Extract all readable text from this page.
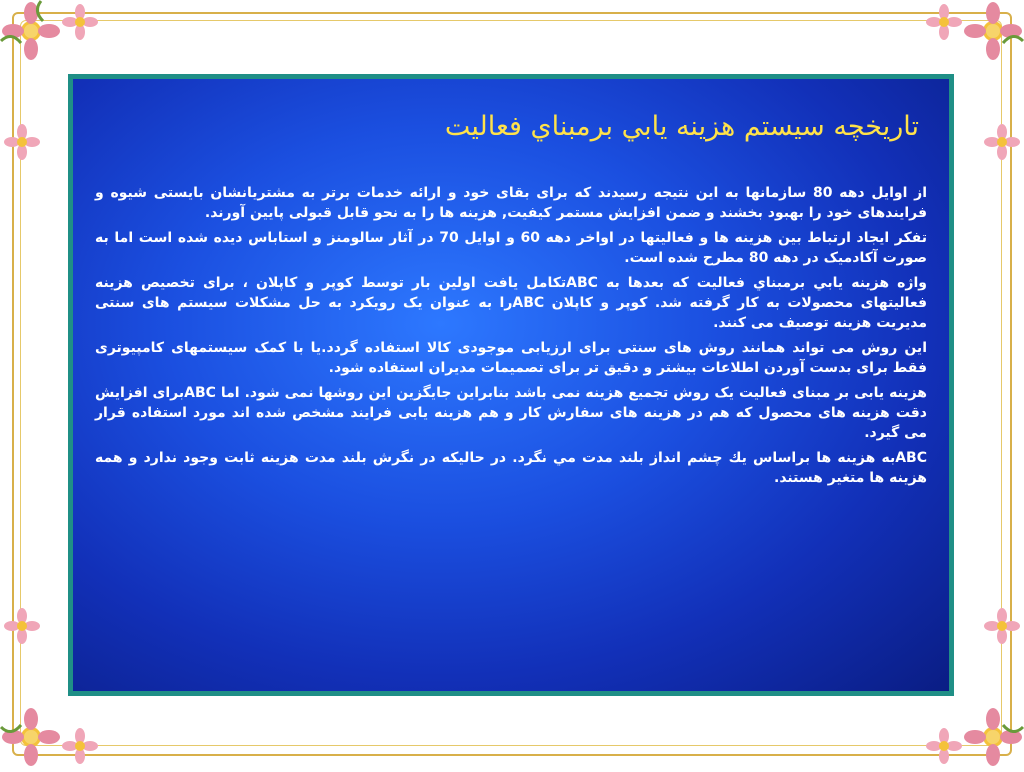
تاريخچه سيستم هزينه يابي برمبناي فعاليت

از اوایل دهه 80 سازمانها به این نتیجه رسیدند که برای بقای خود و ارائه خدمات برتر به مشتریانشان بایستی شیوه و فرایندهای خود را بهبود بخشند و ضمن افزایش مستمر کیفیت, هزینه ها را به نحو قابل قبولی پایین آورند.

تفکر ایجاد ارتباط بین هزینه ها و فعالیتها در اواخر دهه 60 و اوایل 70 در آثار سالومنز و استاباس دیده شده است اما به صورت آکادمیک در دهه 80 مطرح شده است.

واژه هزينه يابي برمبناي فعاليت كه بعدها به ABCتکامل یافت اولین بار توسط کوپر و کاپلان ، برای تخصیص هزینه فعالیتهای محصولات به کار گرفته شد. کوپر و کاپلان ABCرا به عنوان یک رویکرد به حل مشکلات سیستم های سنتی مدیریت هزینه توصیف می کنند.

این روش می تواند همانند روش های سنتی برای ارزیابی موجودی کالا استفاده گردد.یا با کمک سیستمهای کامپیوتری فقط برای بدست آوردن اطلاعات بیشتر و دقیق تر برای تصمیمات مدیران استفاده شود.

هزینه یابی بر مبنای فعالیت یک روش تجمیع هزینه نمی باشد بنابراین جایگزین این روشها نمی شود. اما ABCبرای افزایش دقت هزینه های محصول که هم در هزینه های سفارش کار و هم هزینه یابی فرایند مشخص شده اند مورد استفاده قرار می گیرد.

ABCبه هزينه ها براساس يك چشم انداز بلند مدت مي نگرد. در حاليكه در نگرش بلند مدت هزينه ثابت وجود ندارد و همه هزينه ها متغير هستند.
